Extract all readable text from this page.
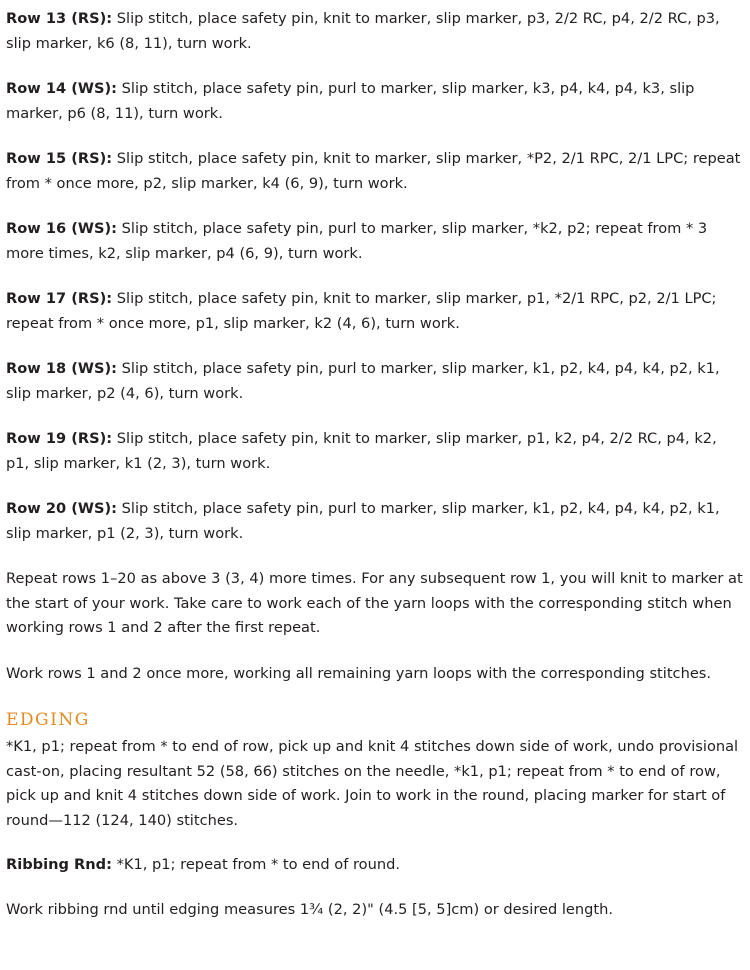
Row 13 (RS): Slip stitch, place safety pin, knit to marker, slip marker, p3, 2/2 RC, p4, 2/2 RC, p3, slip marker, k6 (8, 11), turn work.

Row 14 (WS): Slip stitch, place safety pin, purl to marker, slip marker, k3, p4, k4, p4, k3, slip marker, p6 (8, 11), turn work.

Row 15 (RS): Slip stitch, place safety pin, knit to marker, slip marker, *P2, 2/1 RPC, 2/1 LPC; repeat from * once more, p2, slip marker, k4 (6, 9), turn work.

Row 16 (WS): Slip stitch, place safety pin, purl to marker, slip marker, *k2, p2; repeat from * 3 more times, k2, slip marker, p4 (6, 9), turn work.

Row 17 (RS): Slip stitch, place safety pin, knit to marker, slip marker, p1, *2/1 RPC, p2, 2/1 LPC; repeat from * once more, p1, slip marker, k2 (4, 6), turn work.

Row 18 (WS): Slip stitch, place safety pin, purl to marker, slip marker, k1, p2, k4, p4, k4, p2, k1, slip marker, p2 (4, 6), turn work.

Row 19 (RS): Slip stitch, place safety pin, knit to marker, slip marker, p1, k2, p4, 2/2 RC, p4, k2, p1, slip marker, k1 (2, 3), turn work.

Row 20 (WS): Slip stitch, place safety pin, purl to marker, slip marker, k1, p2, k4, p4, k4, p2, k1, slip marker, p1 (2, 3), turn work.

Repeat rows 1–20 as above 3 (3, 4) more times. For any subsequent row 1, you will knit to marker at the start of your work. Take care to work each of the yarn loops with the corresponding stitch when working rows 1 and 2 after the first repeat.

Work rows 1 and 2 once more, working all remaining yarn loops with the corresponding stitches.

EDGING

*K1, p1; repeat from * to end of row, pick up and knit 4 stitches down side of work, undo provisional cast-on, placing resultant 52 (58, 66) stitches on the needle, *k1, p1; repeat from * to end of row, pick up and knit 4 stitches down side of work. Join to work in the round, placing marker for start of round—112 (124, 140) stitches.

Ribbing Rnd: *K1, p1; repeat from * to end of round.

Work ribbing rnd until edging measures 1¾ (2, 2)" (4.5 [5, 5]cm) or desired length.
